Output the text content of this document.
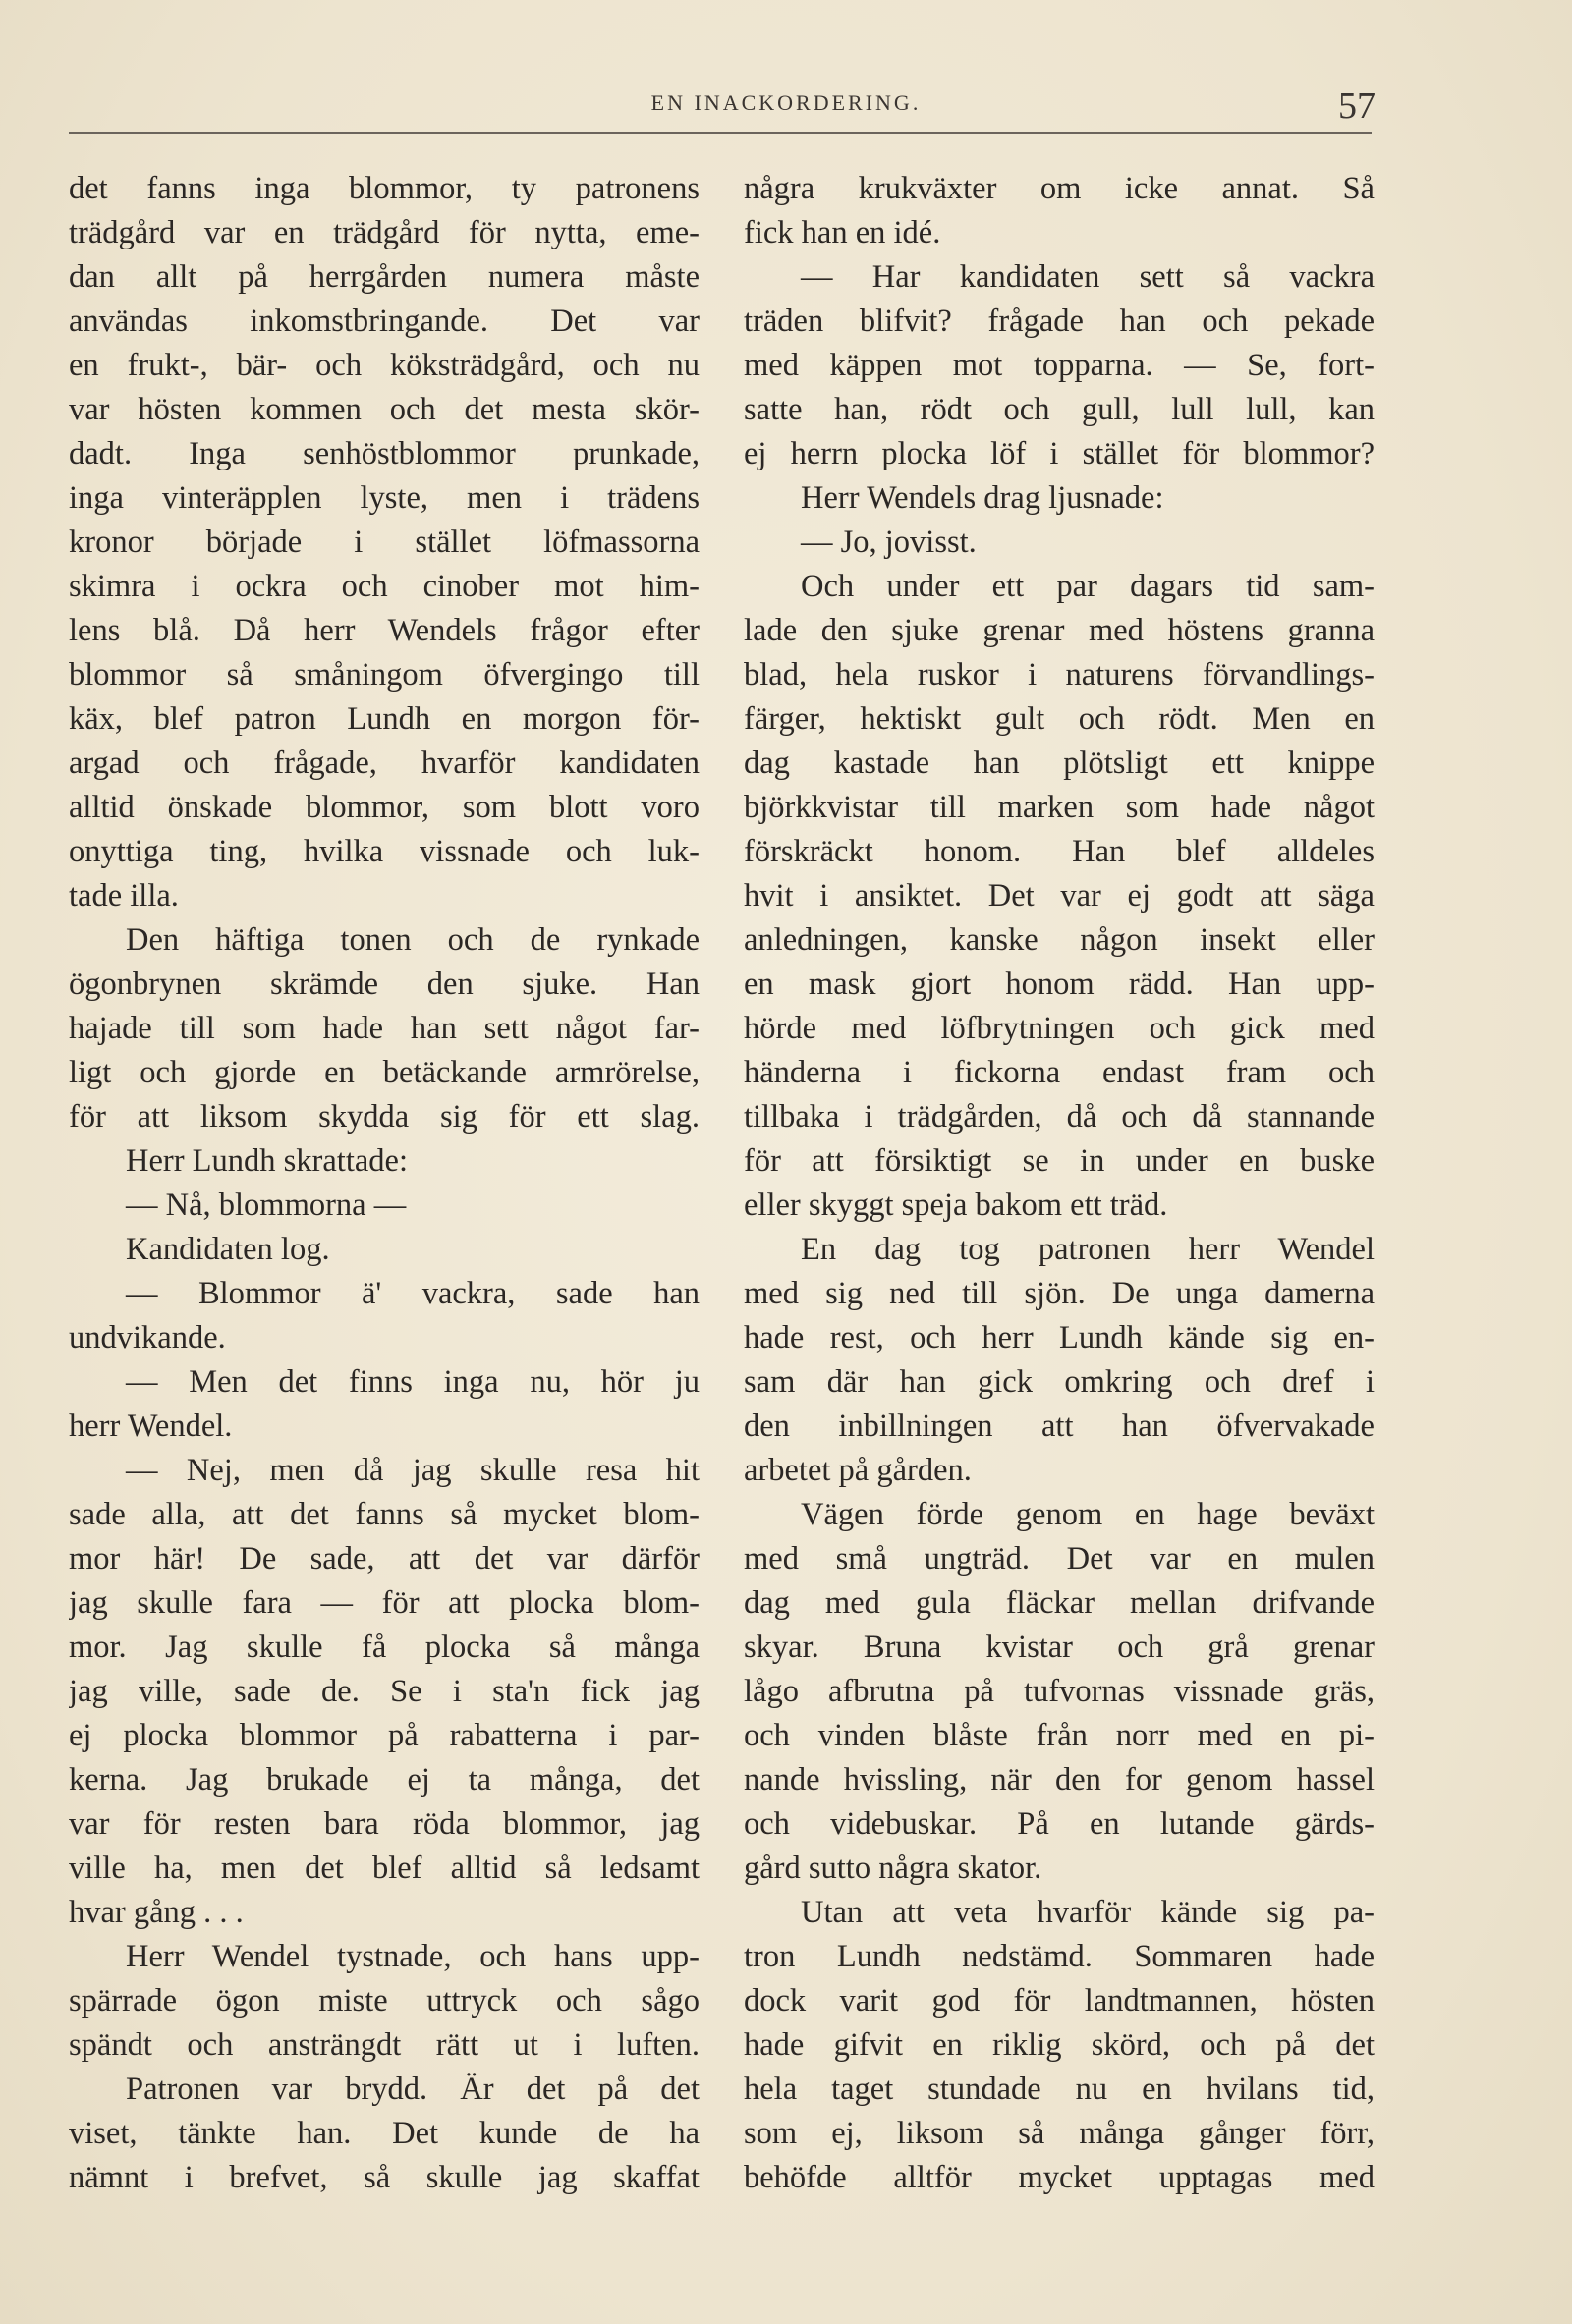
EN INACKORDERING.	57
det fanns inga blommor, ty patronens
trädgård var en trädgård för nytta, eme-
dan allt på herrgården numera måste
användas inkomstbringande. Det var
en frukt-, bär- och köksträdgård, och nu
var hösten kommen och det mesta skör-
dadt. Inga senhöstblommor prunkade,
inga vinteräpplen lyste, men i trädens
kronor började i stället löfmassorna
skimra i ockra och cinober mot him-
lens blå. Då herr Wendels frågor efter
blommor så småningom öfvergingo till
käx, blef patron Lundh en morgon för-
argad och frågade, hvarför kandidaten
alltid önskade blommor, som blott voro
onyttiga ting, hvilka vissnade och luk-
tade illa.
Den häftiga tonen och de rynkade
ögonbrynen skrämde den sjuke. Han
hajade till som hade han sett något far-
ligt och gjorde en betäckande armrörelse,
för att liksom skydda sig för ett slag.
Herr Lundh skrattade:
— Nå, blommorna —
Kandidaten log.
— Blommor ä' vackra, sade han
undvikande.
— Men det finns inga nu, hör ju
herr Wendel.
— Nej, men då jag skulle resa hit
sade alla, att det fanns så mycket blom-
mor här! De sade, att det var därför
jag skulle fara — för att plocka blom-
mor. Jag skulle få plocka så många
jag ville, sade de. Se i sta'n fick jag
ej plocka blommor på rabatterna i par-
kerna. Jag brukade ej ta många, det
var för resten bara röda blommor, jag
ville ha, men det blef alltid så ledsamt
hvar gång . . .
Herr Wendel tystnade, och hans upp-
spärrade ögon miste uttryck och sågo
spändt och ansträngdt rätt ut i luften.
Patronen var brydd. Är det på det
viset, tänkte han. Det kunde de ha
nämnt i brefvet, så skulle jag skaffat
några krukväxter om icke annat. Så
fick han en idé.
— Har kandidaten sett så vackra
träden blifvit? frågade han och pekade
med käppen mot topparna. — Se, fort-
satte han, rödt och gull, lull lull, kan
ej herrn plocka löf i stället för blommor?
Herr Wendels drag ljusnade:
— Jo, jovisst.
Och under ett par dagars tid sam-
lade den sjuke grenar med höstens granna
blad, hela ruskor i naturens förvandlings-
färger, hektiskt gult och rödt. Men en
dag kastade han plötsligt ett knippe
björkkvistar till marken som hade något
förskräckt honom. Han blef alldeles
hvit i ansiktet. Det var ej godt att säga
anledningen, kanske någon insekt eller
en mask gjort honom rädd. Han upp-
hörde med löfbrytningen och gick med
händerna i fickorna endast fram och
tillbaka i trädgården, då och då stannande
för att försiktigt se in under en buske
eller skyggt speja bakom ett träd.
En dag tog patronen herr Wendel
med sig ned till sjön. De unga damerna
hade rest, och herr Lundh kände sig en-
sam där han gick omkring och dref i
den inbillningen att han öfvervakade
arbetet på gården.
Vägen förde genom en hage beväxt
med små ungträd. Det var en mulen
dag med gula fläckar mellan drifvande
skyar. Bruna kvistar och grå grenar
lågo afbrutna på tufvornas vissnade gräs,
och vinden blåste från norr med en pi-
nande hvissling, när den for genom hassel
och videbuskar. På en lutande gärds-
gård sutto några skator.
Utan att veta hvarför kände sig pa-
tron Lundh nedstämd. Sommaren hade
dock varit god för landtmannen, hösten
hade gifvit en riklig skörd, och på det
hela taget stundade nu en hvilans tid,
som ej, liksom så många gånger förr,
behöfde alltför mycket upptagas med
